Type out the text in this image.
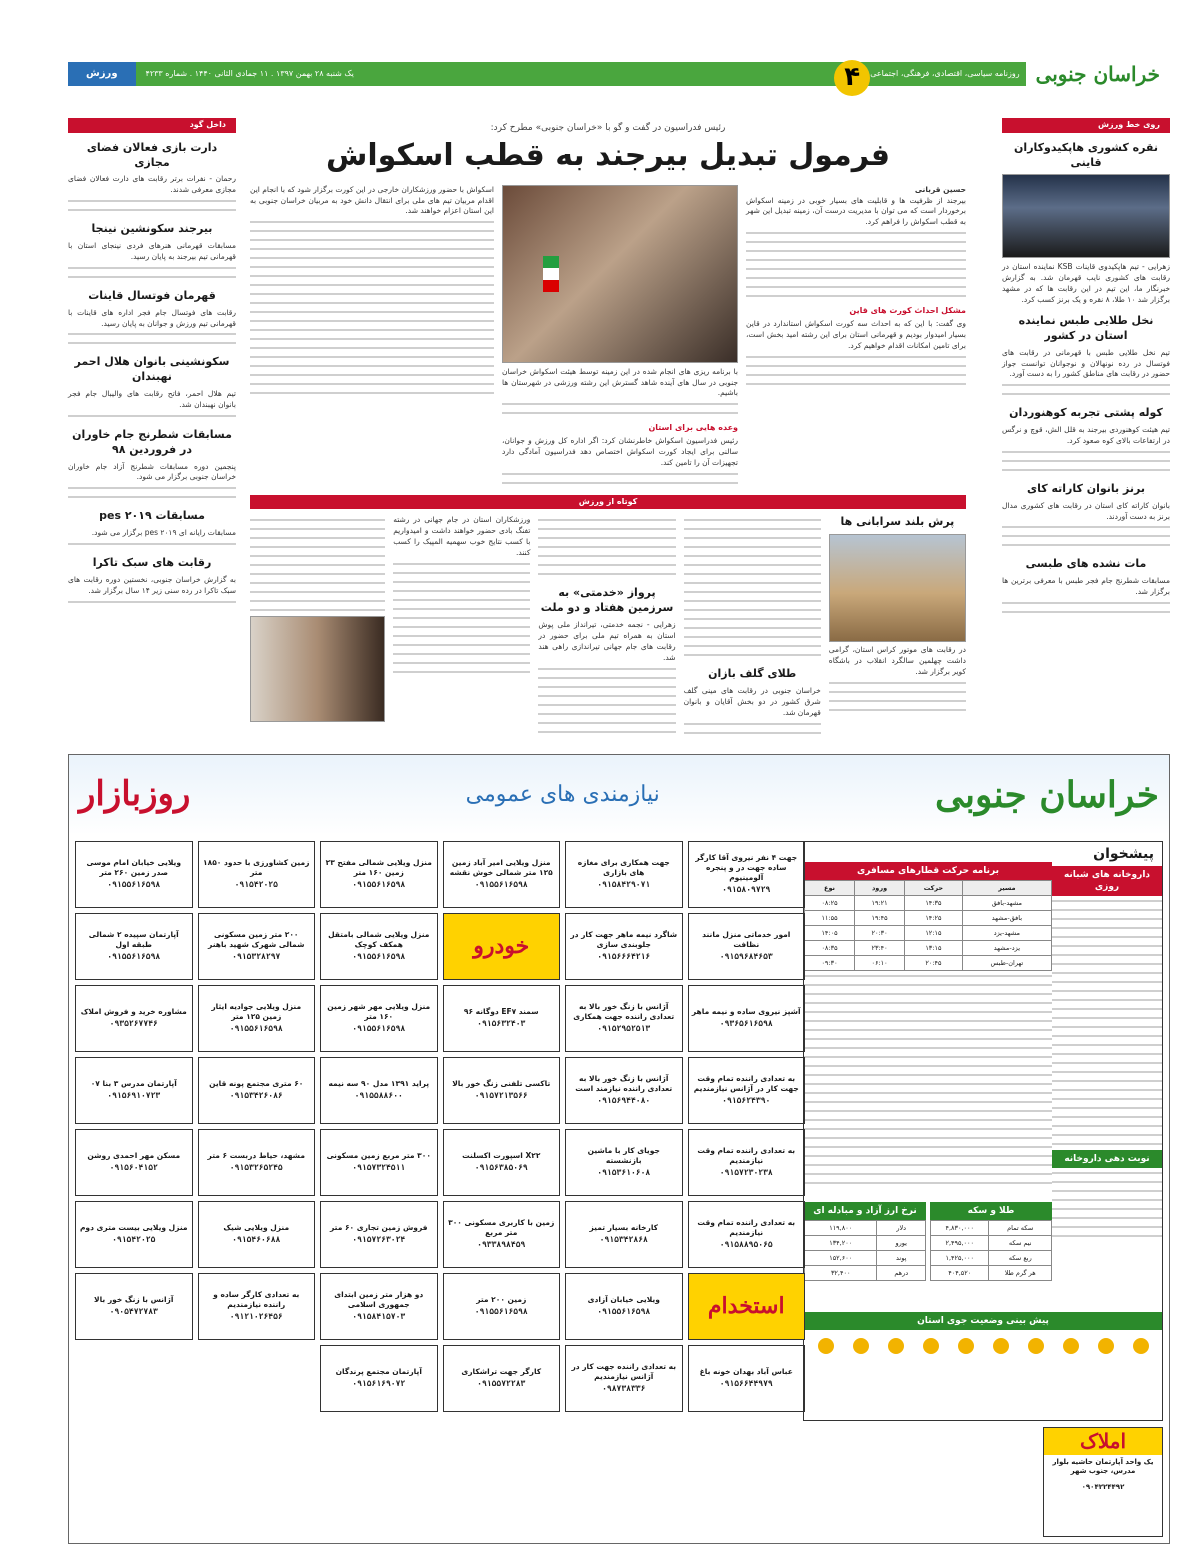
خراسان جنوبی
روزنامه سیاسی، اقتصادی، فرهنگی، اجتماعی
۴
یک شنبه ۲۸ بهمن ۱۳۹۷ . ۱۱ جمادی الثانی ۱۴۴۰ . شماره ۴۲۳۳
ورزش
روی خط ورزش
نقره کشوری هاپکیدوکاران قاینی
زهرایی - تیم هاپکیدوی قاینات KSB نماینده استان در رقابت های کشوری نایب قهرمان شد. به گزارش خبرنگار ما، این تیم در این رقابت ها که در مشهد برگزار شد ۱۰ طلا، ۸ نقره و یک برنز کسب کرد.
نخل طلایی طبس نماینده استان در کشور
تیم نخل طلایی طبس با قهرمانی در رقابت های فوتسال در رده نونهالان و نوجوانان توانست جواز حضور در رقابت های مناطق کشور را به دست آورد.
کوله پشتی تجربه کوهنوردان
تیم هیئت کوهنوردی بیرجند به قلل الش، قوچ و نرگس در ارتفاعات بالای کوه صعود کرد.
برنز بانوان کاراته کای
بانوان کاراته کای استان در رقابت های کشوری مدال برنز به دست آوردند.
مات نشده های طبسی
مسابقات شطرنج جام فجر طبس با معرفی برترین ها برگزار شد.
داخل گود
دارت بازی فعالان فضای مجازی
رحمان - نفرات برتر رقابت های دارت فعالان فضای مجازی معرفی شدند.
بیرجند سکونشین نینجا
مسابقات قهرمانی هنرهای فردی نینجای استان با قهرمانی تیم بیرجند به پایان رسید.
قهرمان فوتسال قاینات
رقابت های فوتسال جام فجر اداره های قاینات با قهرمانی تیم ورزش و جوانان به پایان رسید.
سکونشینی بانوان هلال احمر نهبندان
تیم هلال احمر، فاتح رقابت های والیبال جام فجر بانوان نهبندان شد.
مسابقات شطرنج جام خاوران در فروردین ۹۸
پنجمین دوره مسابقات شطرنج آزاد جام خاوران خراسان جنوبی برگزار می شود.
مسابقات pes ۲۰۱۹
مسابقات رایانه ای pes ۲۰۱۹ برگزار می شود.
رقابت های سبک تاکرا
به گزارش خراسان جنوبی، نخستین دوره رقابت های سبک تاکرا در رده سنی زیر ۱۴ سال برگزار شد.
رئیس فدراسیون در گفت و گو با «خراسان جنوبی» مطرح کرد:
فرمول تبدیل بیرجند به قطب اسکواش
حسین قربانی
بیرجند از ظرفیت ها و قابلیت های بسیار خوبی در زمینه اسکواش برخوردار است که می توان با مدیریت درست آن، زمینه تبدیل این شهر به قطب اسکواش را فراهم کرد.
مشکل احداث کورت های قاین
وی گفت: با این که به احداث سه کورت اسکواش استاندارد در قاین بسیار امیدوار بودیم و قهرمانی استان برای این رشته امید بخش است، برای تامین امکانات اقدام خواهیم کرد.
با برنامه ریزی های انجام شده در این زمینه توسط هیئت اسکواش خراسان جنوبی در سال های آینده شاهد گسترش این رشته ورزشی در شهرستان ها باشیم.
وعده هایی برای استان
رئیس فدراسیون اسکواش خاطرنشان کرد: اگر اداره کل ورزش و جوانان، سالنی برای ایجاد کورت اسکواش اختصاص دهد فدراسیون آمادگی دارد تجهیزات آن را تامین کند.
اسکواش با حضور ورزشکاران خارجی در این کورت برگزار شود که با انجام این اقدام مربیان تیم های ملی برای انتقال دانش خود به مربیان خراسان جنوبی به این استان اعزام خواهند شد.
کوتاه از ورزش
پرش بلند سرابانی ها
در رقابت های موتور کراس استان، گرامی داشت چهلمین سالگرد انقلاب در باشگاه کویر برگزار شد.
طلای گلف بازان
خراسان جنوبی در رقابت های مینی گلف شرق کشور در دو بخش آقایان و بانوان قهرمان شد.
پرواز «خدمتی» به سرزمین هفتاد و دو ملت
زهرایی - نجمه خدمتی، تیرانداز ملی پوش استان به همراه تیم ملی برای حضور در رقابت های جام جهانی تیراندازی راهی هند شد.
ورزشکاران استان در جام جهانی در رشته تفنگ بادی حضور خواهند داشت و امیدواریم با کسب نتایج خوب سهمیه المپیک را کسب کنند.
خراسان جنوبی
نیازمندی های عمومی
روزبازار
پیشخوان
داروخانه های شبانه روزی
نوبت دهی داروخانه
برنامه حرکت قطارهای مسافری
مسیر	حرکت	ورود	نوع
مشهد-بافق	۱۴:۳۵	۱۹:۲۱	۰۸:۲۵
بافق-مشهد	۱۴:۲۵	۱۹:۴۵	۱۱:۵۵
مشهد-یزد	۱۲:۱۵	۲۰:۳۰	۱۴:۰۵
یزد-مشهد	۱۳:۱۵	۲۳:۴۰	۰۸:۳۵
تهران-طبس	۲۰:۴۵	۰۶:۱۰	۰۹:۳۰
طلا و سکه
سکه تمام	۴,۸۳۰,۰۰۰
نیم سکه	۲,۴۹۵,۰۰۰
ربع سکه	۱,۴۲۵,۰۰۰
هر گرم طلا	۴۰۴,۵۲۰
نرخ ارز آزاد و مبادله ای
دلار	۱۱۹,۸۰۰
یورو	۱۳۴,۲۰۰
پوند	۱۵۲,۶۰۰
درهم	۳۲,۴۰۰
پیش بینی وضعیت جوی استان
جهت ۴ نفر نیروی آقا کارگر ساده جهت در و پنجره آلومینیوم
۰۹۱۵۸۰۹۷۲۹
جهت همکاری برای مغازه های بازاری
۰۹۱۵۸۴۲۹۰۷۱
منزل ویلایی امیر آباد زمین ۱۲۵ متر شمالی خوش نقشه
۰۹۱۵۵۶۱۶۵۹۸
منزل ویلایی شمالی مفتح ۲۳ زمین ۱۶۰ متر
۰۹۱۵۵۶۱۶۵۹۸
زمین کشاورزی با حدود ۱۸۵۰ متر
۰۹۱۵۴۲۰۲۵
ویلایی خیابان امام موسی صدر زمین ۲۶۰ متر
۰۹۱۵۵۶۱۶۵۹۸
امور خدماتی منزل مانند نظافت
۰۹۱۵۹۶۸۴۶۵۳
شاگرد نیمه ماهر جهت کار در جلوبندی سازی
۰۹۱۵۶۶۶۴۲۱۶
خودرو
منزل ویلایی شمالی بامتقل همکف کوچک
۰۹۱۵۵۶۱۶۵۹۸
۲۰۰ متر زمین مسکونی شمالی شهرک شهید باهنر
۰۹۱۵۳۲۸۲۹۷
آپارتمان سپیده ۲ شمالی طبقه اول
۰۹۱۵۵۶۱۶۵۹۸
آشپز نیروی ساده و نیمه ماهر
۰۹۳۶۵۶۱۶۵۹۸
آژانس با زنگ خور بالا به تعدادی راننده جهت همکاری
۰۹۱۵۲۹۵۲۵۱۳
سمند EF۷ دوگانه ۹۶
۰۹۱۵۶۳۲۴۰۳
منزل ویلایی مهر شهر زمین ۱۶۰ متر
۰۹۱۵۵۶۱۶۵۹۸
منزل ویلایی جوادیه ایثار زمین ۱۲۵ متر
۰۹۱۵۵۶۱۶۵۹۸
مشاوره خرید و فروش املاک
۰۹۳۵۲۶۷۷۴۶
به تعدادی راننده تمام وقت جهت کار در آژانس نیازمندیم
۰۹۱۵۶۲۴۳۹۰
آژانس با زنگ خور بالا به تعدادی راننده نیازمند است
۰۹۱۵۶۹۴۴۰۸۰
تاکسی تلفنی زنگ خور بالا
۰۹۱۵۷۲۱۳۵۶۶
پراید ۱۳۹۱ مدل ۹۰ سه نیمه
۰۹۱۵۵۸۸۶۰۰
۶۰ متری مجتمع پونه قاین
۰۹۱۵۳۴۲۶۰۸۶
آپارتمان مدرس ۳ بنا ۰۷
۰۹۱۵۶۹۱۰۷۲۳
به تعدادی راننده تمام وقت نیازمندیم
۰۹۱۵۷۲۳۰۲۳۸
جویای کار با ماشین بازنشسته
۰۹۱۵۳۶۱۰۶۰۸
X۲۲ اسپورت اکسلنت
۰۹۱۵۶۳۸۵۰۶۹
۳۰۰ متر مربع زمین مسکونی
۰۹۱۵۷۳۲۴۵۱۱
مشهد، حیاط دربست ۶ متر
۰۹۱۵۳۲۶۵۲۴۵
مسکن مهر احمدی روشن
۰۹۱۵۶۰۴۱۵۲
به تعدادی راننده تمام وقت نیازمندیم
۰۹۱۵۸۸۹۵۰۶۵
کارخانه بسیار تمیز
۰۹۱۵۳۴۲۸۶۸
زمین با کاربری مسکونی ۳۰۰ متر مربع
۰۹۳۳۸۹۸۴۵۹
فروش زمین تجاری ۶۰ متر
۰۹۱۵۷۲۶۳۰۲۴
منزل ویلایی شیک
۰۹۱۵۴۶۰۶۸۸
منزل ویلایی بیست متری دوم
۰۹۱۵۴۲۰۲۵
استخدام
ویلایی خیابان آزادی
۰۹۱۵۵۶۱۶۵۹۸
زمین ۲۰۰ متر
۰۹۱۵۵۶۱۶۵۹۸
دو هزار متر زمین ابتدای جمهوری اسلامی
۰۹۱۵۸۴۱۵۷۰۳
به تعدادی کارگر ساده و راننده نیازمندیم
۰۹۱۲۱۰۲۶۴۵۶
آژانس با زنگ خور بالا
۰۹۰۵۴۷۲۷۸۳
عباس آباد بهدان خونه باغ
۰۹۱۵۶۶۴۴۹۷۹
به تعدادی راننده جهت کار در آژانس نیازمندیم
۰۹۸۷۳۸۳۳۶
کارگر جهت تراشکاری
۰۹۱۵۵۷۲۲۸۳
آپارتمان مجتمع پرندگان
۰۹۱۵۶۱۶۹۰۷۲
املاک
یک واحد آپارتمان حاشیه بلوار مدرس، جنوب شهر
۰۹۰۴۲۲۴۴۹۲
